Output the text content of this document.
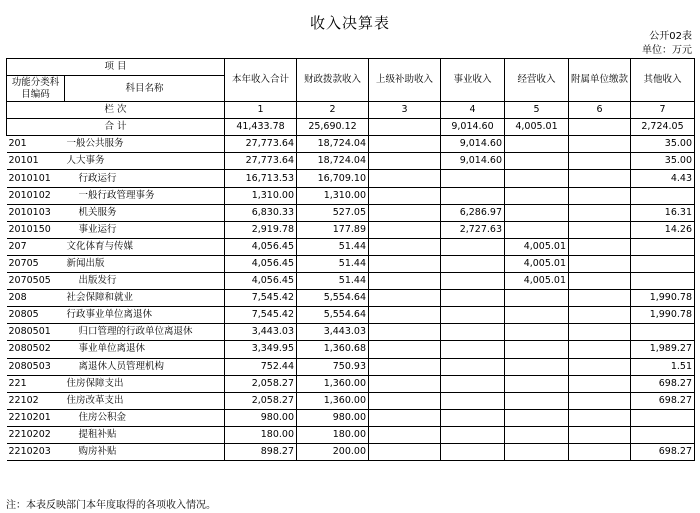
收入决算表
公开02表
单位：万元
项 目		本年收入合计	财政拨款收入	上级补助收入	事业收入	经营收入	附属单位缴款	其他收入
功能分类科目编码	科目名称							
栏 次		1	2	3	4	5	6	7
合 计		41,433.78	25,690.12		9,014.60	4,005.01		2,724.05
201	一般公共服务	27,773.64	18,724.04		9,014.60			35.00
20101	人大事务	27,773.64	18,724.04		9,014.60			35.00
2010101	行政运行	16,713.53	16,709.10					4.43
2010102	一般行政管理事务	1,310.00	1,310.00					
2010103	机关服务	6,830.33	527.05		6,286.97			16.31
2010150	事业运行	2,919.78	177.89		2,727.63			14.26
207	文化体育与传媒	4,056.45	51.44			4,005.01		
20705	新闻出版	4,056.45	51.44			4,005.01		
2070505	出版发行	4,056.45	51.44			4,005.01		
208	社会保障和就业	7,545.42	5,554.64					1,990.78
20805	行政事业单位离退休	7,545.42	5,554.64					1,990.78
2080501	归口管理的行政单位离退休	3,443.03	3,443.03					
2080502	事业单位离退休	3,349.95	1,360.68					1,989.27
2080503	离退休人员管理机构	752.44	750.93					1.51
221	住房保障支出	2,058.27	1,360.00					698.27
22102	住房改革支出	2,058.27	1,360.00					698.27
2210201	住房公积金	980.00	980.00					
2210202	提租补贴	180.00	180.00					
2210203	购房补贴	898.27	200.00					698.27
注：本表反映部门本年度取得的各项收入情况。
